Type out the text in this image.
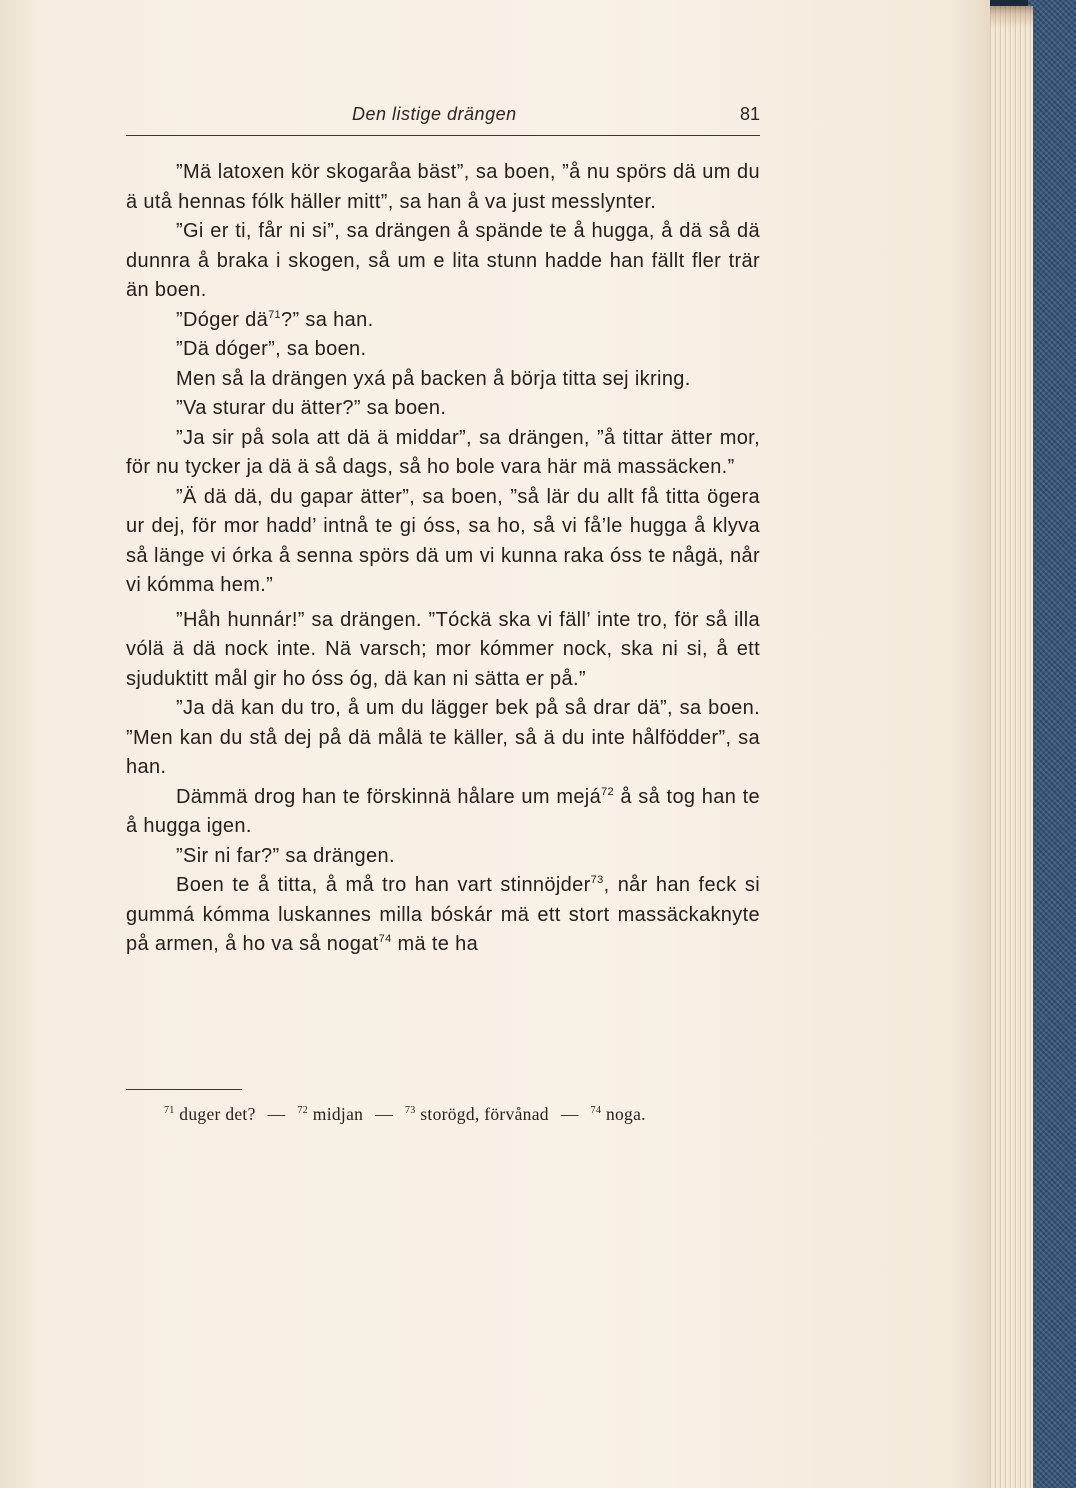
Den listige drängen	81

”Mä latoxen kör skogaråa bäst”, sa boen, ”å nu spörs dä um du ä utå hennas fólk häller mitt”, sa han å va just messlynter.

”Gi er ti, får ni si”, sa drängen å spände te å hugga, å dä så dä dunnra å braka i skogen, så um e lita stunn hadde han fällt fler trär än boen.

”Dóger $dä^{71}$?” sa han.

”Dä dóger”, sa boen.

Men så la drängen yxá på backen å börja titta sej ikring.

”Va sturar du ätter?” sa boen.

”Ja sir på sola att dä ä middar”, sa drängen, ”å tittar ätter mor, för nu tycker ja dä ä så dags, så ho bole vara här mä massäcken.”

”Ä dä dä, du gapar ätter”, sa boen, ”så lär du allt få titta ögera ur dej, för mor hadd’ intnå te gi óss, sa ho, så vi få’le hugga å klyva så länge vi órka å senna spörs dä um vi kunna raka óss te någä, når vi kómma hem.”

”Håh hunnár!” sa drängen. ”Tóckä ska vi fäll’ inte tro, för så illa vólä ä dä nock inte. Nä varsch; mor kómmer nock, ska ni si, å ett sjuduktitt mål gir ho óss óg, dä kan ni sätta er på.”

”Ja dä kan du tro, å um du lägger bek på så drar dä”, sa boen. ”Men kan du stå dej på dä målä te käller, så ä du inte hålfödder”, sa han.

Dämmä drog han te förskinnä hålare um mejá$^{72}$ å så tog han te å hugga igen.

”Sir ni far?” sa drängen.

Boen te å titta, å må tro han vart stinnöjder$^{73}$, når han feck si gummá kómma luskannes milla bóskár mä ett stort massäckaknyte på armen, å ho va så nogat$^{74}$ mä te ha

$^{71}$ duger det? — $^{72}$ midjan — $^{73}$ storögd, förvånad — $^{74}$ noga.
